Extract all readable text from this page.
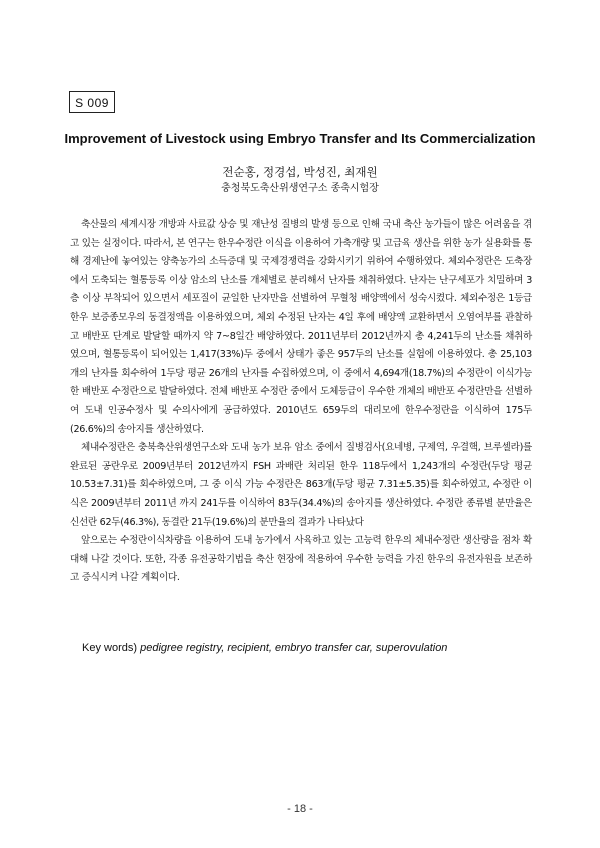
S 009
Improvement of Livestock using Embryo Transfer and Its Commercialization
전순홍, 정경섭, 박성진, 최재원
충청북도축산위생연구소 종축시험장

축산물의 세계시장 개방과 사료값 상승 및 재난성 질병의 발생 등으로 인해 국내 축산 농가들이 많은 어려움을 겪고 있는 실정이다. 따라서, 본 연구는 한우수정란 이식을 이용하여 가축개량 및 고급육 생산을 위한 농가 실용화를 통해 경제난에 놓여있는 양축농가의 소득증대 및 국제경쟁력을 강화시키기 위하여 수행하였다. 체외수정란은 도축장에서 도축되는 혈통등록 이상 암소의 난소를 개체별로 분리해서 난자를 채취하였다. 난자는 난구세포가 치밀하며 3층 이상 부착되어 있으면서 세포질이 균일한 난자만을 선별하여 무혈청 배양액에서 성숙시켰다. 체외수정은 1등급 한우 보증종모우의 동결정액을 이용하였으며, 체외 수정된 난자는 4일 후에 배양액 교환하면서 오염여부를 관찰하고 배반포 단계로 발달할 때까지 약 7~8일간 배양하였다. 2011년부터 2012년까지 총 4,241두의 난소를 채취하였으며, 혈통등록이 되어있는 1,417(33%)두 중에서 상태가 좋은 957두의 난소를 실험에 이용하였다. 총 25,103개의 난자를 회수하여 1두당 평균 26개의 난자를 수집하였으며, 이 중에서 4,694개(18.7%)의 수정란이 이식가능한 배반포 수정란으로 발달하였다. 전체 배반포 수정란 중에서 도체등급이 우수한 개체의 배반포 수정란만을 선별하여 도내 인공수정사 및 수의사에게 공급하였다. 2010년도 659두의 대리모에 한우수정란을 이식하여 175두(26.6%)의 송아지를 생산하였다.

체내수정란은 충북축산위생연구소와 도내 농가 보유 암소 중에서 질병검사(요네병, 구제역, 우결핵, 브루셀라)를 완료된 공란우로 2009년부터 2012년까지 FSH 과배란 처리된 한우 118두에서 1,243개의 수정란(두당 평균 10.53±7.31)를 회수하였으며, 그 중 이식 가능 수정란은 863개(두당 평균 7.31±5.35)를 회수하였고, 수정란 이식은 2009년부터 2011년 까지 241두를 이식하여 83두(34.4%)의 송아지를 생산하였다. 수정란 종류별 분만율은 신선란 62두(46.3%), 동결란 21두(19.6%)의 분만율의 결과가 나타났다

앞으로는 수정란이식차량을 이용하여 도내 농가에서 사육하고 있는 고능력 한우의 체내수정란 생산량을 점차 확대해 나갈 것이다. 또한, 각종 유전공학기법을 축산 현장에 적용하여 우수한 능력을 가진 한우의 유전자원을 보존하고 증식시켜 나갈 계획이다.

Key words) pedigree registry, recipient, embryo transfer car, superovulation
- 18 -
